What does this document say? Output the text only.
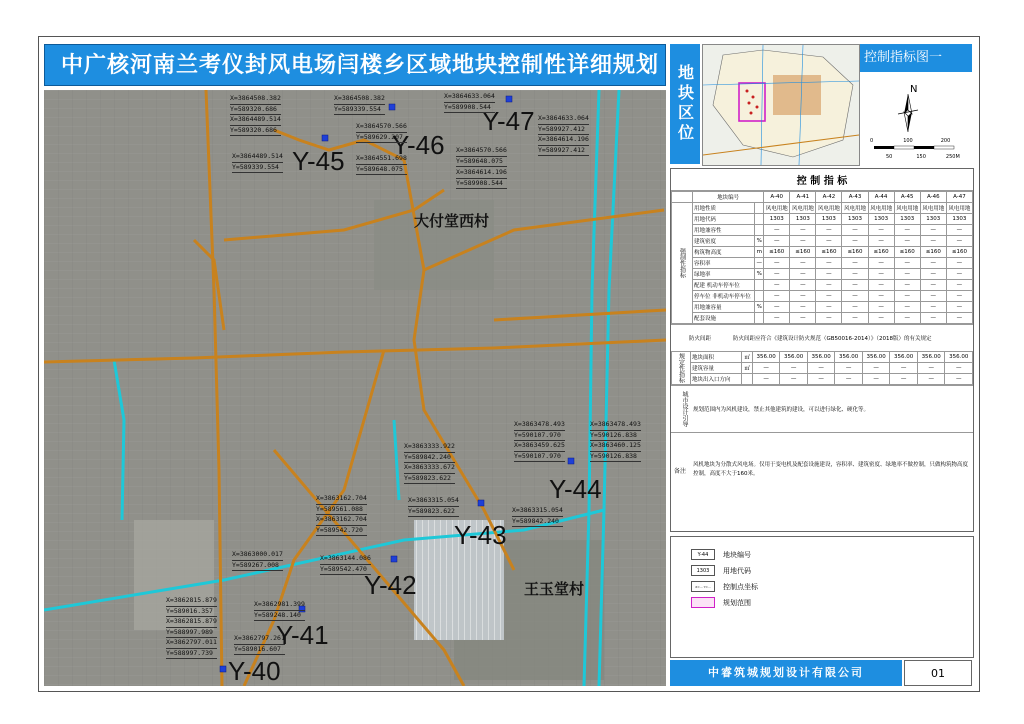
中广核河南兰考仪封风电场闫楼乡区域地块控制性详细规划
Y-47
Y-46
Y-45
Y-44
Y-43
Y-42
Y-41
Y-40
大付堂西村
王玉堂村
X=3864633.064
Y=589908.544
X=3864633.064
Y=589927.412
X=3864614.196
Y=589927.412
X=3864614.196
Y=589908.544
X=3864508.382
Y=589339.554
X=3864570.566
Y=589629.207
X=3864570.566
Y=589648.075
X=3864551.698
Y=589648.075
X=3864508.382
Y=589320.686
X=3864489.514
Y=589320.686
X=3864489.514
Y=589339.554
X=3863478.493
Y=590107.970
X=3863459.625
Y=590107.970
X=3863478.493
Y=590126.838
X=3863460.125
Y=590126.838
X=3863333.922
Y=589842.240
X=3863333.672
Y=589823.622
X=3863315.054
Y=589823.622	X=3863315.054
Y=589842.240
X=3863162.704
Y=589561.088
X=3863162.704
Y=589542.720
X=3863144.086
Y=589542.470
X=3863000.017
Y=589267.008
X=3862981.399
Y=589248.140
X=3862797.261
Y=589016.607
X=3862815.879
Y=589016.357
X=3862815.879
Y=588997.989
X=3862797.011
Y=588997.739
地块区位
控制指标图一
N
0	100	200
50	150	250M
控 制 指 标
	地块编号		A-40	A-41	A-42	A-43	A-44	A-45	A-46	A-47
强制性指标	用地性质		风电用地	风电用地	风电用地	风电用地	风电用地	风电用地	风电用地	风电用地
	用地代码		1303	1303	1303	1303	1303	1303	1303	1303
	用地兼容性		—	—	—	—	—	—	—	—
	建筑密度	%	—	—	—	—	—	—	—	—
	构筑物高度	m	≤160	≤160	≤160	≤160	≤160	≤160	≤160	≤160
	容积率	—	—	—	—	—	—	—	—	—
	绿地率	%	—	—	—	—	—	—	—	—
	配建 机动车停车位		—	—	—	—	—	—	—	—
	停车位 非机动车停车位		—	—	—	—	—	—	—	—
	用地兼容量	%	—	—	—	—	—	—	—	—
	配套设施		—	—	—	—	—	—	—	—
防火间距	防火间距应符合《建筑设计防火规范（GB50016-2014）》（2018版）的有关规定
规定性指标	地块面积	㎡	356.00	356.00	356.00	356.00	356.00	356.00	356.00	356.00
	建筑容量	㎡	—	—	—	—	—	—	—	—
	地块出入口方向		—	—	—	—	—	—	—	—
城市设计引导 规划范围内为风机建设，禁止其他建筑的建设，可以进行绿化、硬化等。
备注
风机地块为分散式风电场。仅用于变电机及配套设施建设，容积率、建筑密度、绿地率不做控制，只做构筑物高度控制，高度不大于160米。
Y-44	地块编号
1303	用地代码
X=... Y=...	控制点坐标
规划范围
中睿筑城规划设计有限公司	01
